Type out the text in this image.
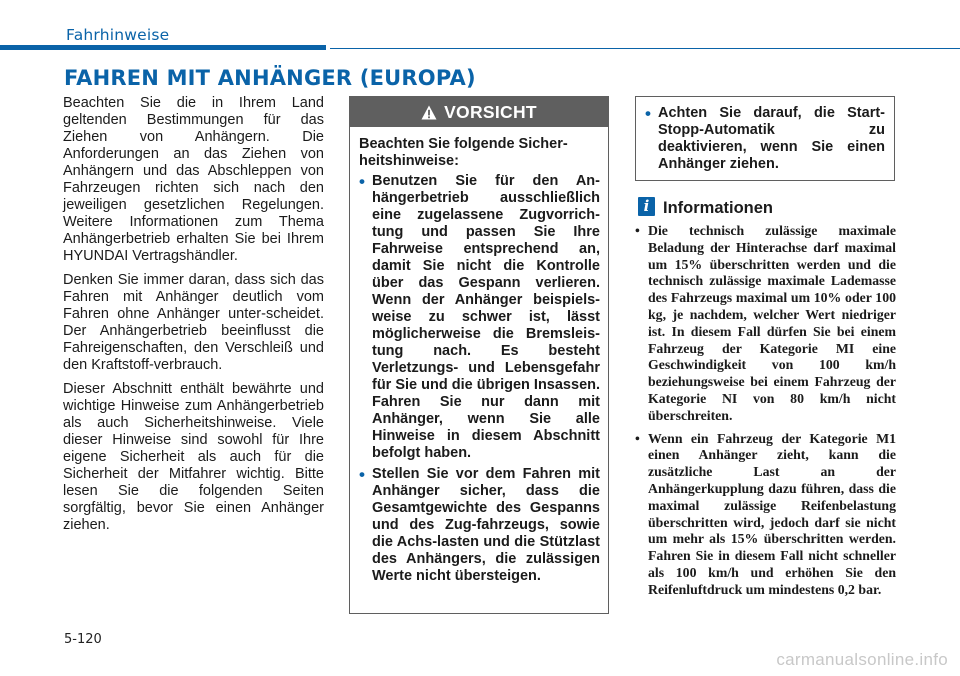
Fahrhinweise
FAHREN MIT ANHÄNGER (EUROPA)

Beachten Sie die in Ihrem Land geltenden Bestimmungen für das Ziehen von Anhängern. Die Anforderungen an das Ziehen von Anhängern und das Abschleppen von Fahrzeugen richten sich nach den jeweiligen gesetzlichen Regelungen. Weitere Informationen zum Thema Anhängerbetrieb erhalten Sie bei Ihrem HYUNDAI Vertragshändler.

Denken Sie immer daran, dass sich das Fahren mit Anhänger deutlich vom Fahren ohne Anhänger unter-scheidet. Der Anhängerbetrieb beeinflusst die Fahreigenschaften, den Verschleiß und den Kraftstoff-verbrauch.

Dieser Abschnitt enthält bewährte und wichtige Hinweise zum Anhängerbetrieb als auch Sicherheitshinweise. Viele dieser Hinweise sind sowohl für Ihre eigene Sicherheit als auch für die Sicherheit der Mitfahrer wichtig. Bitte lesen Sie die folgenden Seiten sorgfältig, bevor Sie einen Anhänger ziehen.

VORSICHT

Beachten Sie folgende Sicher-heitshinweise:

• Benutzen Sie für den An-hängerbetrieb ausschließlich eine zugelassene Zugvorrich-tung und passen Sie Ihre Fahrweise entsprechend an, damit Sie nicht die Kontrolle über das Gespann verlieren. Wenn der Anhänger beispiels-weise zu schwer ist, lässt möglicherweise die Bremsleis-tung nach. Es besteht Verletzungs- und Lebensgefahr für Sie und die übrigen Insassen. Fahren Sie nur dann mit Anhänger, wenn Sie alle Hinweise in diesem Abschnitt befolgt haben.
• Stellen Sie vor dem Fahren mit Anhänger sicher, dass die Gesamtgewichte des Gespanns und des Zug-fahrzeugs, sowie die Achs-lasten und die Stützlast des Anhängers, die zulässigen Werte nicht übersteigen.
• Achten Sie darauf, die Start-Stopp-Automatik zu deaktivieren, wenn Sie einen Anhänger ziehen.
i Informationen
• Die technisch zulässige maximale Beladung der Hinterachse darf maximal um 15% überschritten werden und die technisch zulässige maximale Lademasse des Fahrzeugs maximal um 10% oder 100 kg, je nachdem, welcher Wert niedriger ist. In diesem Fall dürfen Sie bei einem Fahrzeug der Kategorie MI eine Geschwindigkeit von 100 km/h beziehungsweise bei einem Fahrzeug der Kategorie NI von 80 km/h nicht überschreiten.
• Wenn ein Fahrzeug der Kategorie M1 einen Anhänger zieht, kann die zusätzliche Last an der Anhängerkupplung dazu führen, dass die maximal zulässige Reifenbelastung überschritten wird, jedoch darf sie nicht um mehr als 15% überschritten werden. Fahren Sie in diesem Fall nicht schneller als 100 km/h und erhöhen Sie den Reifenluftdruck um mindestens 0,2 bar.
5-120
carmanualsonline.info
